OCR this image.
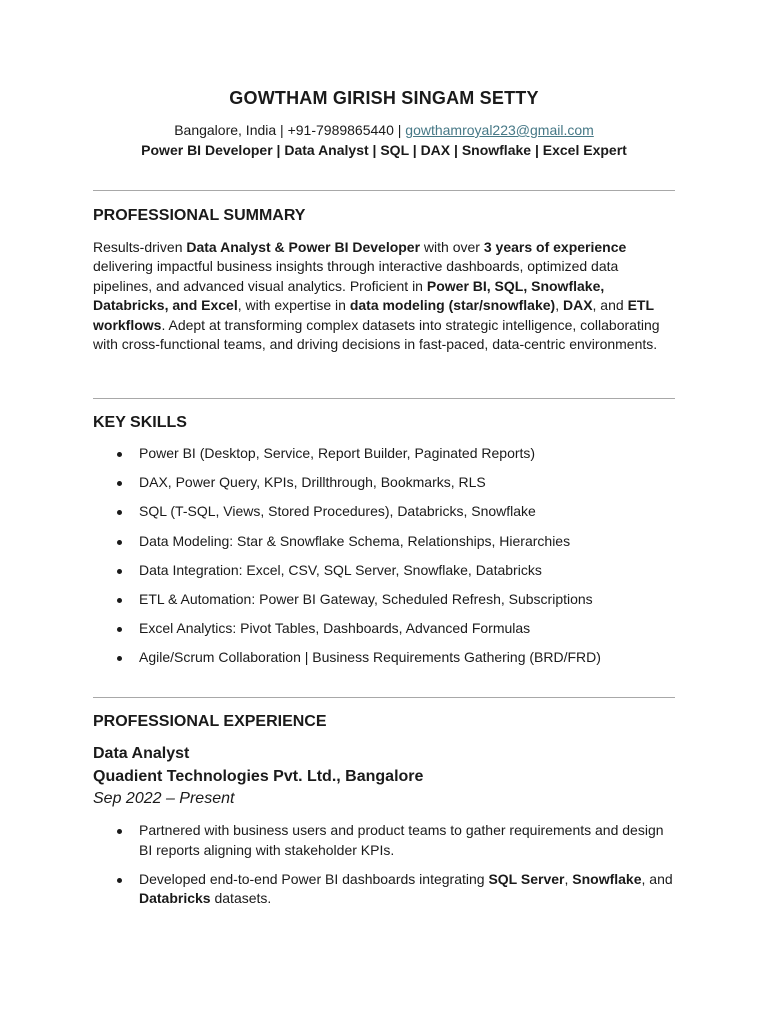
GOWTHAM GIRISH SINGAM SETTY
Bangalore, India | +91-7989865440 | gowthamroyal223@gmail.com
Power BI Developer | Data Analyst | SQL | DAX | Snowflake | Excel Expert
PROFESSIONAL SUMMARY
Results-driven Data Analyst & Power BI Developer with over 3 years of experience delivering impactful business insights through interactive dashboards, optimized data pipelines, and advanced visual analytics. Proficient in Power BI, SQL, Snowflake, Databricks, and Excel, with expertise in data modeling (star/snowflake), DAX, and ETL workflows. Adept at transforming complex datasets into strategic intelligence, collaborating with cross-functional teams, and driving decisions in fast-paced, data-centric environments.
KEY SKILLS
Power BI (Desktop, Service, Report Builder, Paginated Reports)
DAX, Power Query, KPIs, Drillthrough, Bookmarks, RLS
SQL (T-SQL, Views, Stored Procedures), Databricks, Snowflake
Data Modeling: Star & Snowflake Schema, Relationships, Hierarchies
Data Integration: Excel, CSV, SQL Server, Snowflake, Databricks
ETL & Automation: Power BI Gateway, Scheduled Refresh, Subscriptions
Excel Analytics: Pivot Tables, Dashboards, Advanced Formulas
Agile/Scrum Collaboration | Business Requirements Gathering (BRD/FRD)
PROFESSIONAL EXPERIENCE
Data Analyst
Quadient Technologies Pvt. Ltd., Bangalore
Sep 2022 – Present
Partnered with business users and product teams to gather requirements and design BI reports aligning with stakeholder KPIs.
Developed end-to-end Power BI dashboards integrating SQL Server, Snowflake, and Databricks datasets.
